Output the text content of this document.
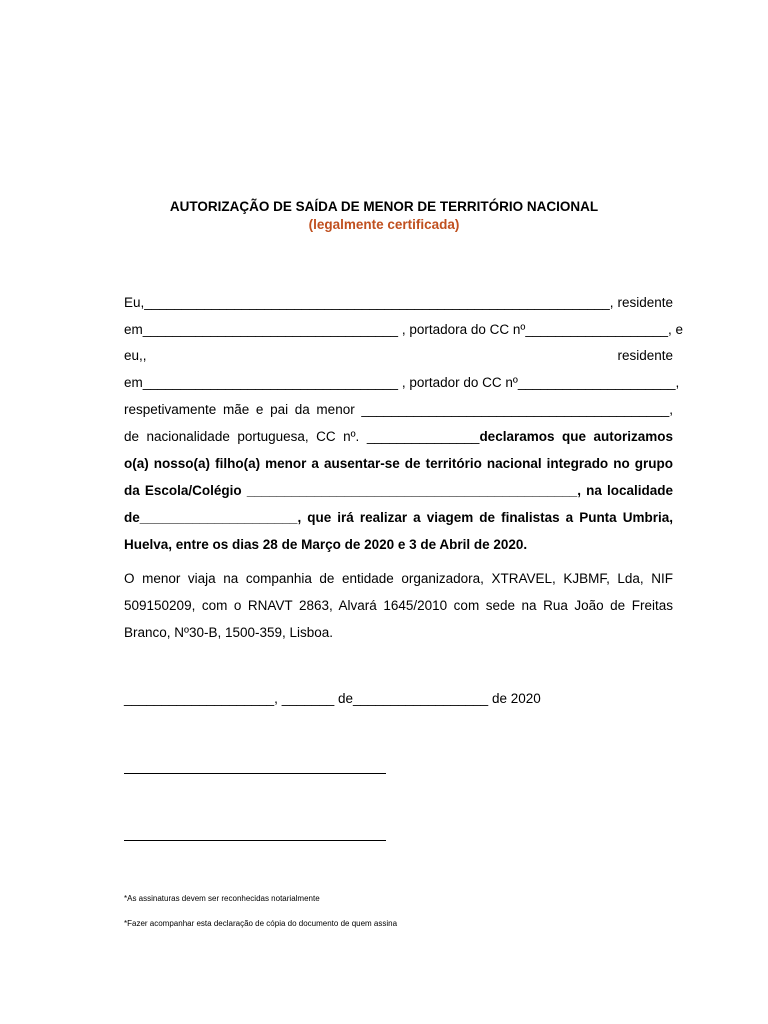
AUTORIZAÇÃO DE SAÍDA DE MENOR DE TERRITÓRIO NACIONAL
(legalmente certificada)
Eu,______________________________________________________________, residente
em__________________________________ , portadora do CC nº___________________, e
eu,, residente
em__________________________________ , portador do CC nº_____________________,
respetivamente mãe e pai da menor _________________________________________,
de nacionalidade portuguesa, CC nº. _______________declaramos que autorizamos
o(a) nosso(a) filho(a) menor a ausentar-se de território nacional integrado no grupo
da Escola/Colégio ____________________________________________, na localidade
de_____________________, que irá realizar a viagem de finalistas a Punta Umbria,
Huelva, entre os dias 28 de Março de 2020 e 3 de Abril de 2020.
O menor viaja na companhia de entidade organizadora, XTRAVEL, KJBMF, Lda, NIF
509150209, com o RNAVT 2863, Alvará 1645/2010 com sede na Rua João de Freitas
Branco, Nº30-B, 1500-359, Lisboa.
____________________, _______ de__________________ de 2020
*As assinaturas devem ser reconhecidas notarialmente
*Fazer acompanhar esta declaração de cópia do documento de quem assina
